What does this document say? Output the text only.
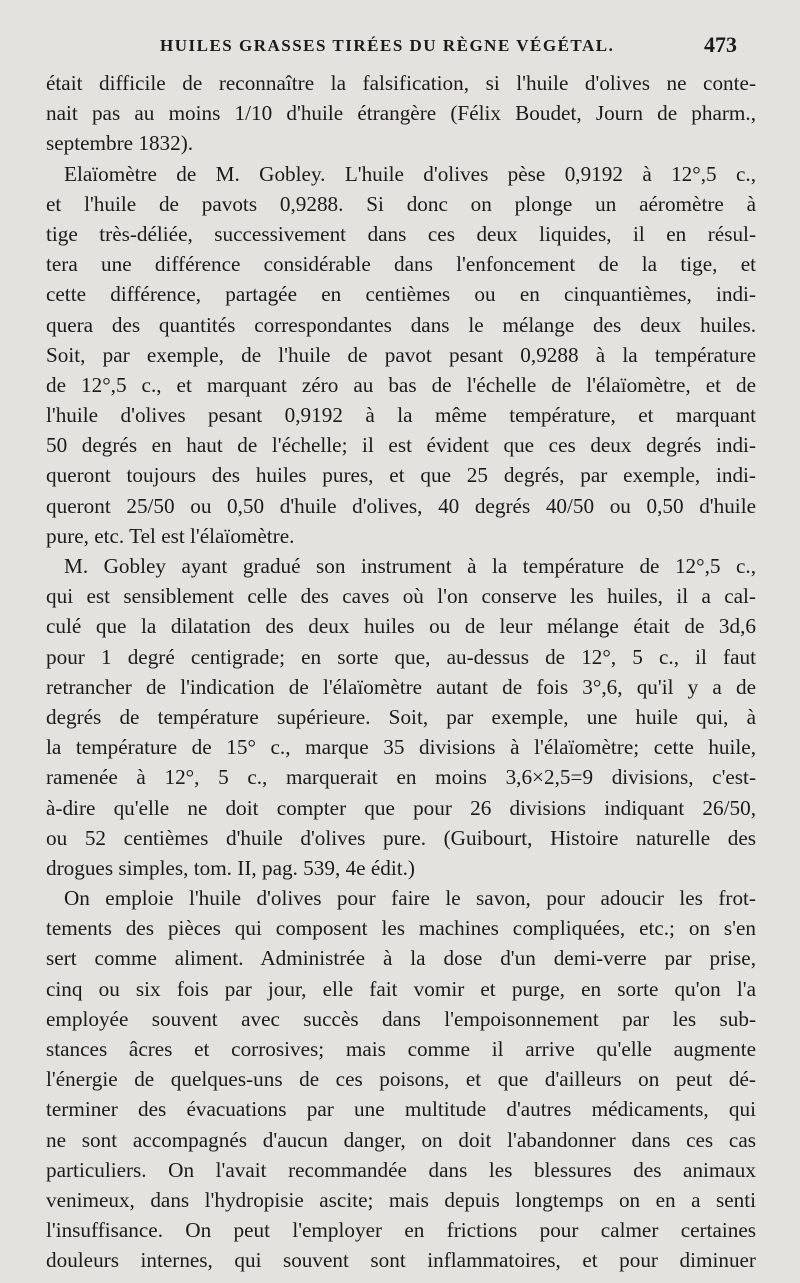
HUILES GRASSES TIRÉES DU RÈGNE VÉGÉTAL.	473
était difficile de reconnaître la falsification, si l'huile d'olives ne conte-
nait pas au moins 1/10 d'huile étrangère (Félix Boudet, Journ de pharm.,
septembre 1832).
Elaïomètre de M. Gobley. L'huile d'olives pèse 0,9192 à 12°,5 c.,
et l'huile de pavots 0,9288. Si donc on plonge un aéromètre à
tige très-déliée, successivement dans ces deux liquides, il en résul-
tera une différence considérable dans l'enfoncement de la tige, et
cette différence, partagée en centièmes ou en cinquantièmes, indi-
quera des quantités correspondantes dans le mélange des deux huiles.
Soit, par exemple, de l'huile de pavot pesant 0,9288 à la température
de 12°,5 c., et marquant zéro au bas de l'échelle de l'élaïomètre, et de
l'huile d'olives pesant 0,9192 à la même température, et marquant
50 degrés en haut de l'échelle; il est évident que ces deux degrés indi-
queront toujours des huiles pures, et que 25 degrés, par exemple, indi-
queront 25/50 ou 0,50 d'huile d'olives, 40 degrés 40/50 ou 0,50 d'huile
pure, etc. Tel est l'élaïomètre.
M. Gobley ayant gradué son instrument à la température de 12°,5 c.,
qui est sensiblement celle des caves où l'on conserve les huiles, il a cal-
culé que la dilatation des deux huiles ou de leur mélange était de 3d,6
pour 1 degré centigrade; en sorte que, au-dessus de 12°, 5 c., il faut
retrancher de l'indication de l'élaïomètre autant de fois 3°,6, qu'il y a de
degrés de température supérieure. Soit, par exemple, une huile qui, à
la température de 15° c., marque 35 divisions à l'élaïomètre; cette huile,
ramenée à 12°, 5 c., marquerait en moins 3,6×2,5=9 divisions, c'est-
à-dire qu'elle ne doit compter que pour 26 divisions indiquant 26/50,
ou 52 centièmes d'huile d'olives pure. (Guibourt, Histoire naturelle des
drogues simples, tom. II, pag. 539, 4e édit.)
On emploie l'huile d'olives pour faire le savon, pour adoucir les frot-
tements des pièces qui composent les machines compliquées, etc.; on s'en
sert comme aliment. Administrée à la dose d'un demi-verre par prise,
cinq ou six fois par jour, elle fait vomir et purge, en sorte qu'on l'a
employée souvent avec succès dans l'empoisonnement par les sub-
stances âcres et corrosives; mais comme il arrive qu'elle augmente
l'énergie de quelques-uns de ces poisons, et que d'ailleurs on peut dé-
terminer des évacuations par une multitude d'autres médicaments, qui
ne sont accompagnés d'aucun danger, on doit l'abandonner dans ces cas
particuliers. On l'avait recommandée dans les blessures des animaux
venimeux, dans l'hydropisie ascite; mais depuis longtemps on en a senti
l'insuffisance. On peut l'employer en frictions pour calmer certaines
douleurs internes, qui souvent sont inflammatoires, et pour diminuer
